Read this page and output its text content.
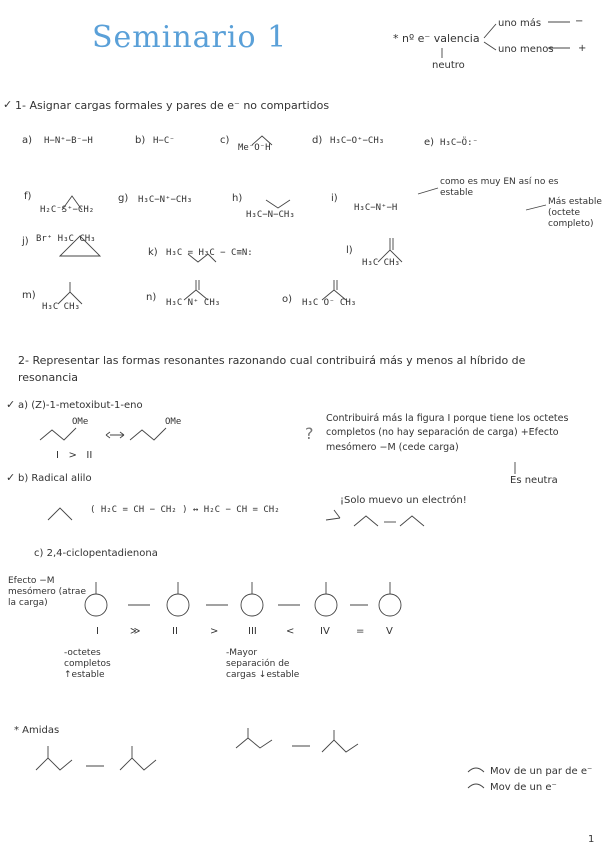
Seminario 1	* nº e⁻ valencia
uno más	−
uno menos +
neutro
✓ 1- Asignar cargas formales y pares de e⁻ no compartidos
a) H−N⁺−B⁻−H	b) H−C⁻	c)
Me⁻O⁻H
d) H₃C−O⁺−CH₃	e) H₃C−Ö:⁻
f)
H₂C⁻S⁺−CH₂
g) H₃C−N⁺−CH₃	h)
H₃C−N−CH₃
i)
H₃C−N⁺−H
como es muy EN así no es estable
Más estable (octete completo)
j) Br⁺ H₃C CH₃
k) H₃C = H₃C − C≡N:	l)
H₃C CH₃
m)
H₃C CH₃
n) H₃C N⁺ CH₃	o) H₃C O⁻ CH₃
2- Representar las formas resonantes razonando cual contribuirá más y menos al híbrido de resonancia
✓ a) (Z)-1-metoxibut-1-eno
OMe	OMe
I   >   II
?
Contribuirá más la figura I porque tiene los octetes completos (no hay separación de carga) +Efecto mesómero −M (cede carga)
Es neutra
✓ b) Radical alilo
( H₂C = CH − CH₂ ) ↔ H₂C − CH = CH₂
¡Solo muevo un electrón!
c) 2,4-ciclopentadienona
Efecto −M mesómero (atrae la carga)
I	≫	II	>	III	<	IV	= V
-octetes completos ↑estable
-Mayor separación de cargas ↓estable
* Amidas
Mov de un par de e⁻
Mov de un e⁻
1
